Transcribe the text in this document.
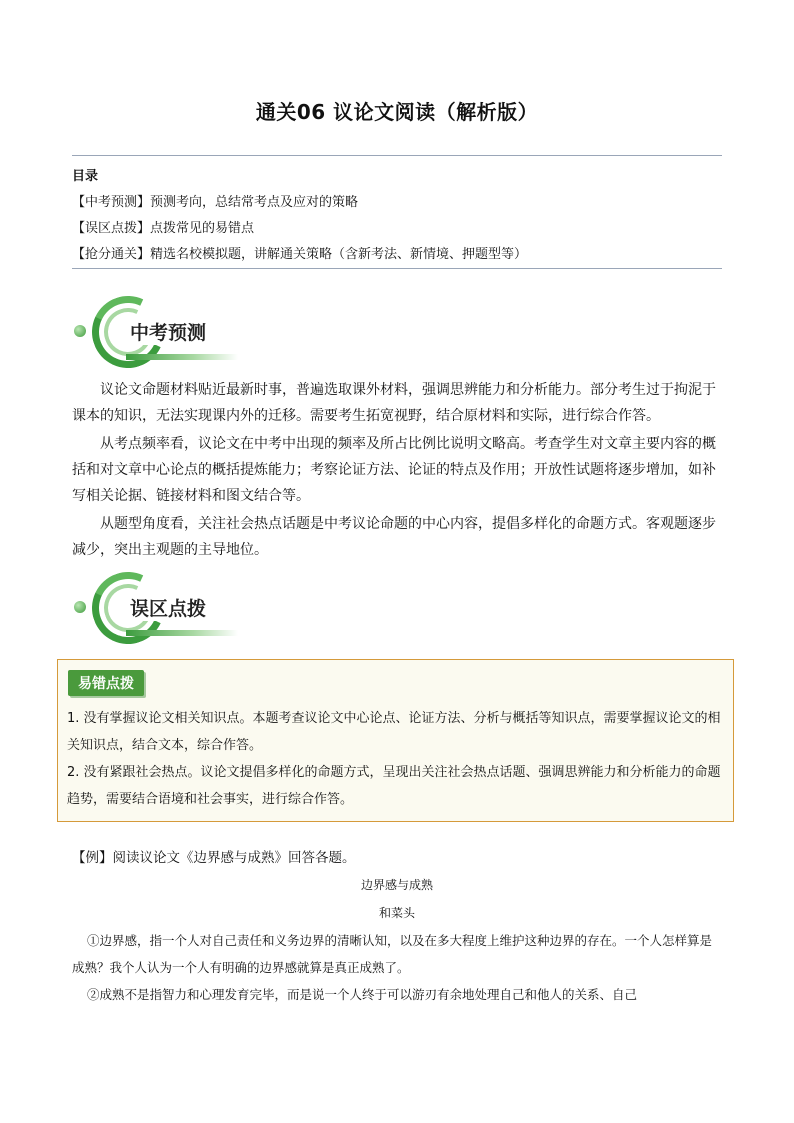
通关06 议论文阅读（解析版）
目录
【中考预测】预测考向，总结常考点及应对的策略
【误区点拨】点拨常见的易错点
【抢分通关】精选名校模拟题，讲解通关策略（含新考法、新情境、押题型等）
中考预测

议论文命题材料贴近最新时事，普遍选取课外材料，强调思辨能力和分析能力。部分考生过于拘泥于课本的知识，无法实现课内外的迁移。需要考生拓宽视野，结合原材料和实际，进行综合作答。

从考点频率看，议论文在中考中出现的频率及所占比例比说明文略高。考查学生对文章主要内容的概括和对文章中心论点的概括提炼能力；考察论证方法、论证的特点及作用；开放性试题将逐步增加，如补写相关论据、链接材料和图文结合等。

从题型角度看，关注社会热点话题是中考议论命题的中心内容，提倡多样化的命题方式。客观题逐步减少，突出主观题的主导地位。

误区点拨
易错点拨
1. 没有掌握议论文相关知识点。本题考查议论文中心论点、论证方法、分析与概括等知识点，需要掌握议论文的相关知识点，结合文本，综合作答。
2. 没有紧跟社会热点。议论文提倡多样化的命题方式，呈现出关注社会热点话题、强调思辨能力和分析能力的命题趋势，需要结合语境和社会事实，进行综合作答。
【例】阅读议论文《边界感与成熟》回答各题。
边界感与成熟
和菜头

①边界感，指一个人对自己责任和义务边界的清晰认知，以及在多大程度上维护这种边界的存在。一个人怎样算是成熟？我个人认为一个人有明确的边界感就算是真正成熟了。

②成熟不是指智力和心理发育完毕，而是说一个人终于可以游刃有余地处理自己和他人的关系、自己
